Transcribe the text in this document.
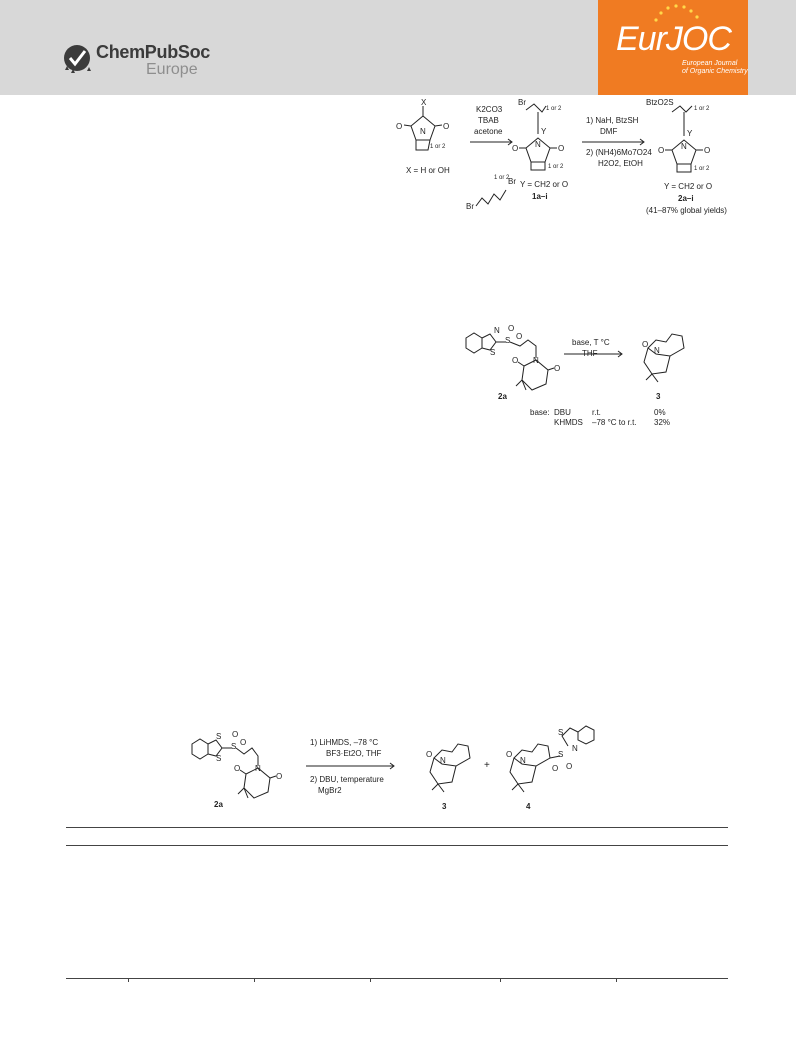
ChemPubSoc
Europe
EurJOC
European Journal
of Organic Chemistry
X
O
N
O
1 or 2
X = H or OH
K2CO3
TBAB
acetone
Br
1 or 2
Br
Br
1 or 2
Y
N
O	O
1 or 2
Y = CH2 or O
1a–i
1) NaH, BtzSH
DMF
2) (NH4)6Mo7O24
H2O2, EtOH
BtzO2S
1 or 2
Y
N
O	O
1 or 2
Y = CH2 or O
2a–i
(41–87% global yields)
N
S
S
O
O
N
O
O
2a
base, T °C
THF
O
N
3
base: DBU	r.t.	0%
KHMDS –78 °C to r.t. 32%
S
S
S O
O
N
O
O
2a
1) LiHMDS, –78 °C
BF3·Et2O, THF
2) DBU, temperature
MgBr2
O
N
3
+
O
N
S
O O
S
N
4
